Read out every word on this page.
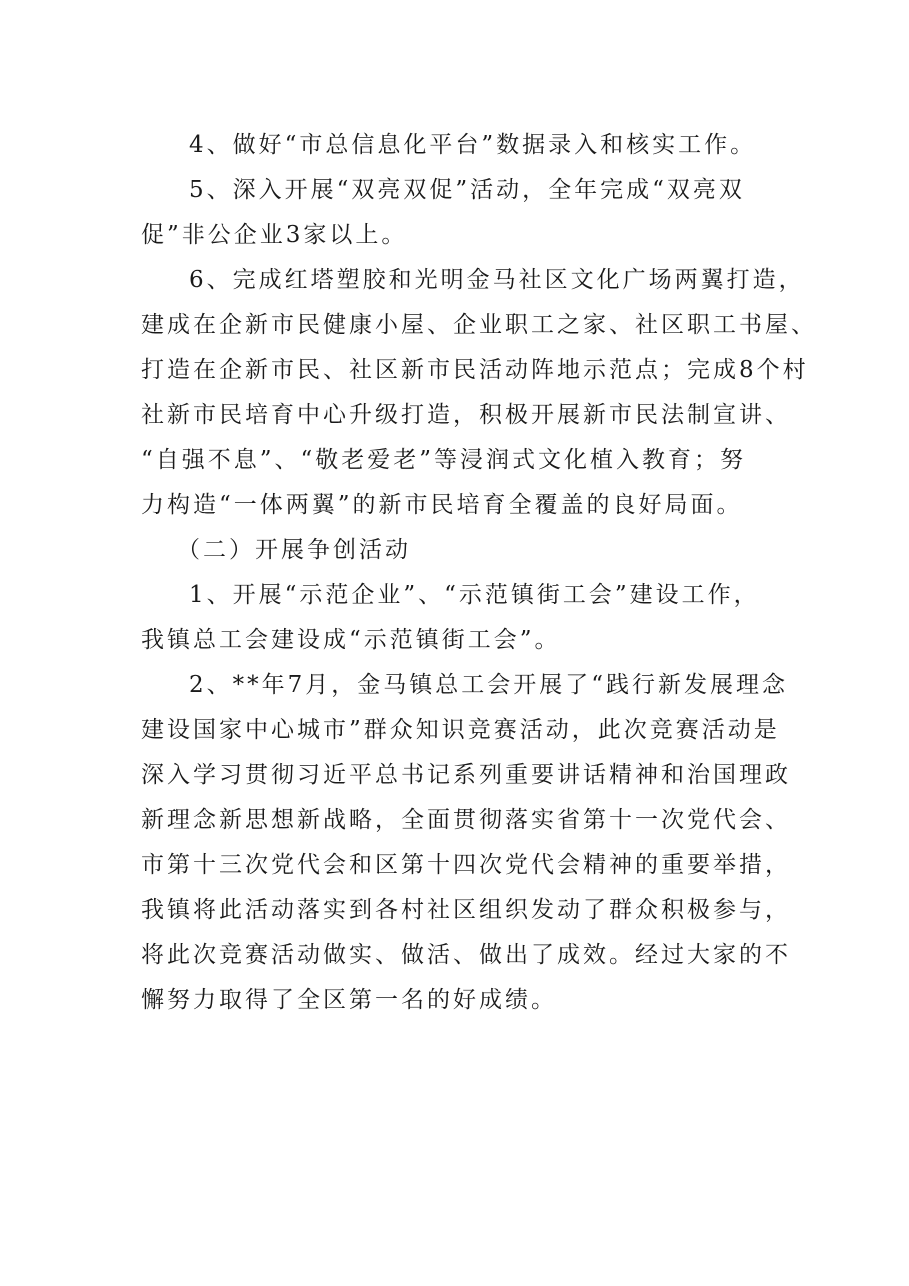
4、做好“市总信息化平台”数据录入和核实工作。
5、深入开展“双亮双促”活动，全年完成“双亮双
促”非公企业3家以上。
6、完成红塔塑胶和光明金马社区文化广场两翼打造，
建成在企新市民健康小屋、企业职工之家、社区职工书屋、
打造在企新市民、社区新市民活动阵地示范点；完成8个村
社新市民培育中心升级打造，积极开展新市民法制宣讲、
“自强不息”、“敬老爱老”等浸润式文化植入教育；努
力构造“一体两翼”的新市民培育全覆盖的良好局面。
（二）开展争创活动
1、开展“示范企业”、“示范镇街工会”建设工作，
我镇总工会建设成“示范镇街工会”。
2、**年7月，金马镇总工会开展了“践行新发展理念
建设国家中心城市”群众知识竞赛活动，此次竞赛活动是
深入学习贯彻习近平总书记系列重要讲话精神和治国理政
新理念新思想新战略，全面贯彻落实省第十一次党代会、
市第十三次党代会和区第十四次党代会精神的重要举措，
我镇将此活动落实到各村社区组织发动了群众积极参与，
将此次竞赛活动做实、做活、做出了成效。经过大家的不
懈努力取得了全区第一名的好成绩。
